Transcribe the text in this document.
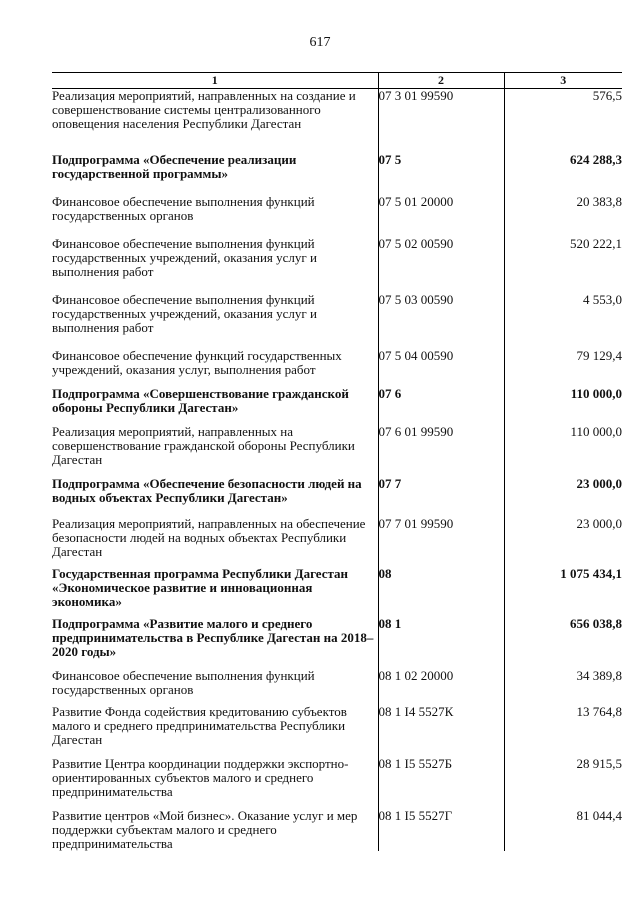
617
1	2	3
Реализация мероприятий, направленных на создание и совершенствование системы централизованного оповещения населения Республики Дагестан	07 3 01 99590	576,5
Подпрограмма «Обеспечение реализации государственной программы»	07 5	624 288,3
Финансовое обеспечение выполнения функций государственных органов	07 5 01 20000	20 383,8
Финансовое обеспечение выполнения функций государственных учреждений, оказания услуг и выполнения работ	07 5 02 00590	520 222,1
Финансовое обеспечение выполнения функций государственных учреждений, оказания услуг и выполнения работ	07 5 03 00590	4 553,0
Финансовое обеспечение функций государственных учреждений, оказания услуг, выполнения работ	07 5 04 00590	79 129,4
Подпрограмма «Совершенствование гражданской обороны Республики Дагестан»	07 6	110 000,0
Реализация мероприятий, направленных на совершенствование гражданской обороны Республики Дагестан	07 6 01 99590	110 000,0
Подпрограмма «Обеспечение безопасности людей на водных объектах Республики Дагестан»	07 7	23 000,0
Реализация мероприятий, направленных на обеспечение безопасности людей на водных объектах Республики Дагестан	07 7 01 99590	23 000,0
Государственная программа Республики Дагестан «Экономическое развитие и инновационная экономика»	08	1 075 434,1
Подпрограмма «Развитие малого и среднего предпринимательства в Республике Дагестан на 2018–2020 годы»	08 1	656 038,8
Финансовое обеспечение выполнения функций государственных органов	08 1 02 20000	34 389,8
Развитие Фонда содействия кредитованию субъектов малого и среднего предпринимательства Республики Дагестан	08 1 I4 5527К	13 764,8
Развитие Центра координации поддержки экспортно-ориентированных субъектов малого и среднего предпринимательства	08 1 I5 5527Б	28 915,5
Развитие центров «Мой бизнес». Оказание услуг и мер поддержки субъектам малого и среднего предпринимательства	08 1 I5 5527Г	81 044,4
